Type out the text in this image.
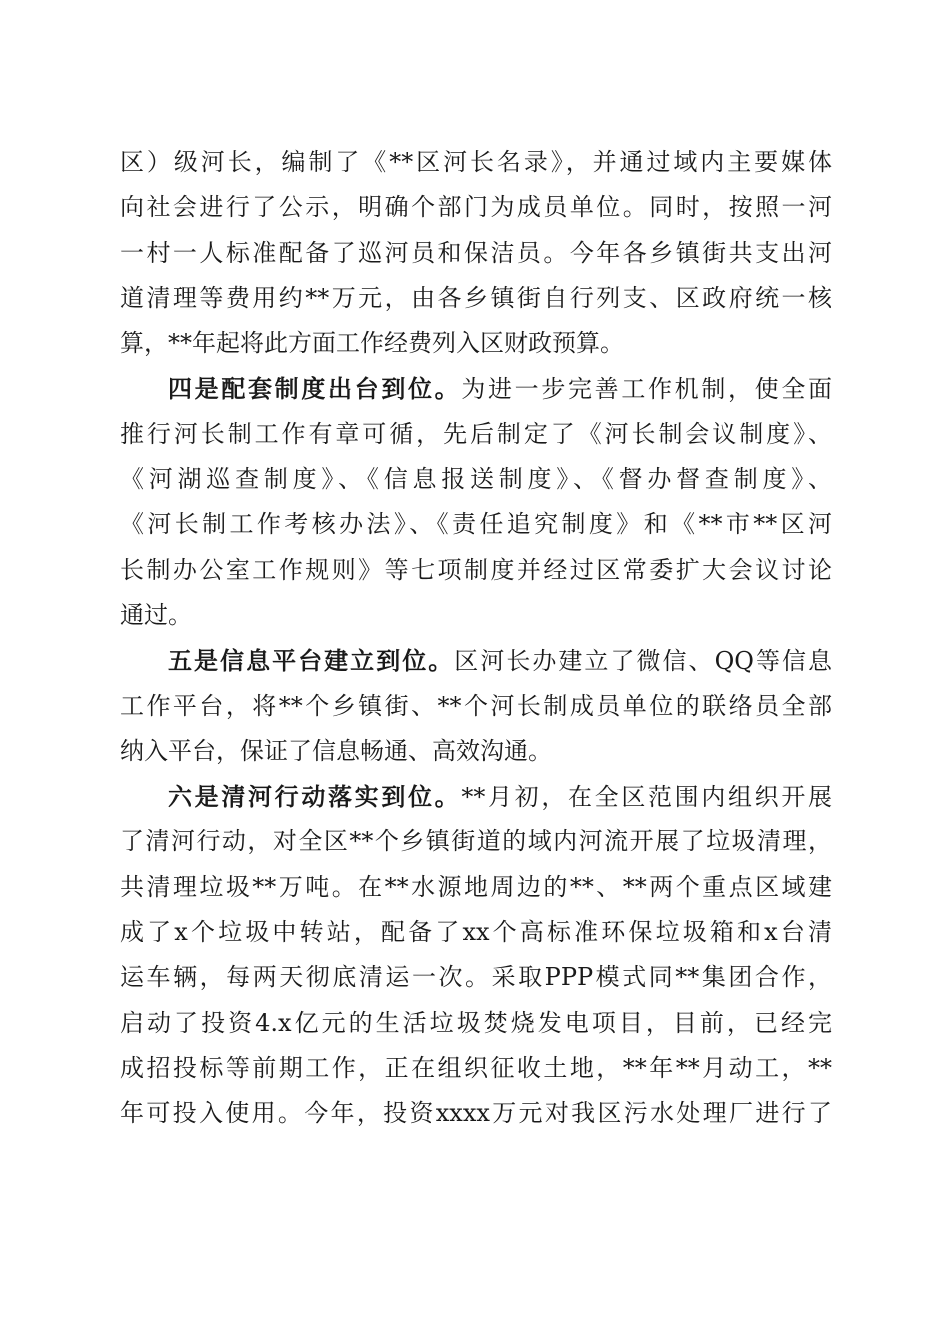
区）级河长，编制了《**区河长名录》，并通过域内主要媒体
向社会进行了公示，明确个部门为成员单位。同时，按照一河
一村一人标准配备了巡河员和保洁员。今年各乡镇街共支出河
道清理等费用约**万元，由各乡镇街自行列支、区政府统一核
算，**年起将此方面工作经费列入区财政预算。
四是配套制度出台到位。为进一步完善工作机制，使全面
推行河长制工作有章可循，先后制定了《河长制会议制度》、
《河湖巡查制度》、《信息报送制度》、《督办督查制度》、
《河长制工作考核办法》、《责任追究制度》和《**市**区河
长制办公室工作规则》等七项制度并经过区常委扩大会议讨论
通过。
五是信息平台建立到位。区河长办建立了微信、QQ等信息
工作平台，将**个乡镇街、**个河长制成员单位的联络员全部
纳入平台，保证了信息畅通、高效沟通。
六是清河行动落实到位。**月初，在全区范围内组织开展
了清河行动，对全区**个乡镇街道的域内河流开展了垃圾清理，
共清理垃圾**万吨。在**水源地周边的**、**两个重点区域建
成了x个垃圾中转站，配备了xx个高标准环保垃圾箱和x台清
运车辆，每两天彻底清运一次。采取PPP模式同**集团合作，
启动了投资4.x亿元的生活垃圾焚烧发电项目，目前，已经完
成招投标等前期工作，正在组织征收土地，**年**月动工，**
年可投入使用。今年，投资xxxx万元对我区污水处理厂进行了
